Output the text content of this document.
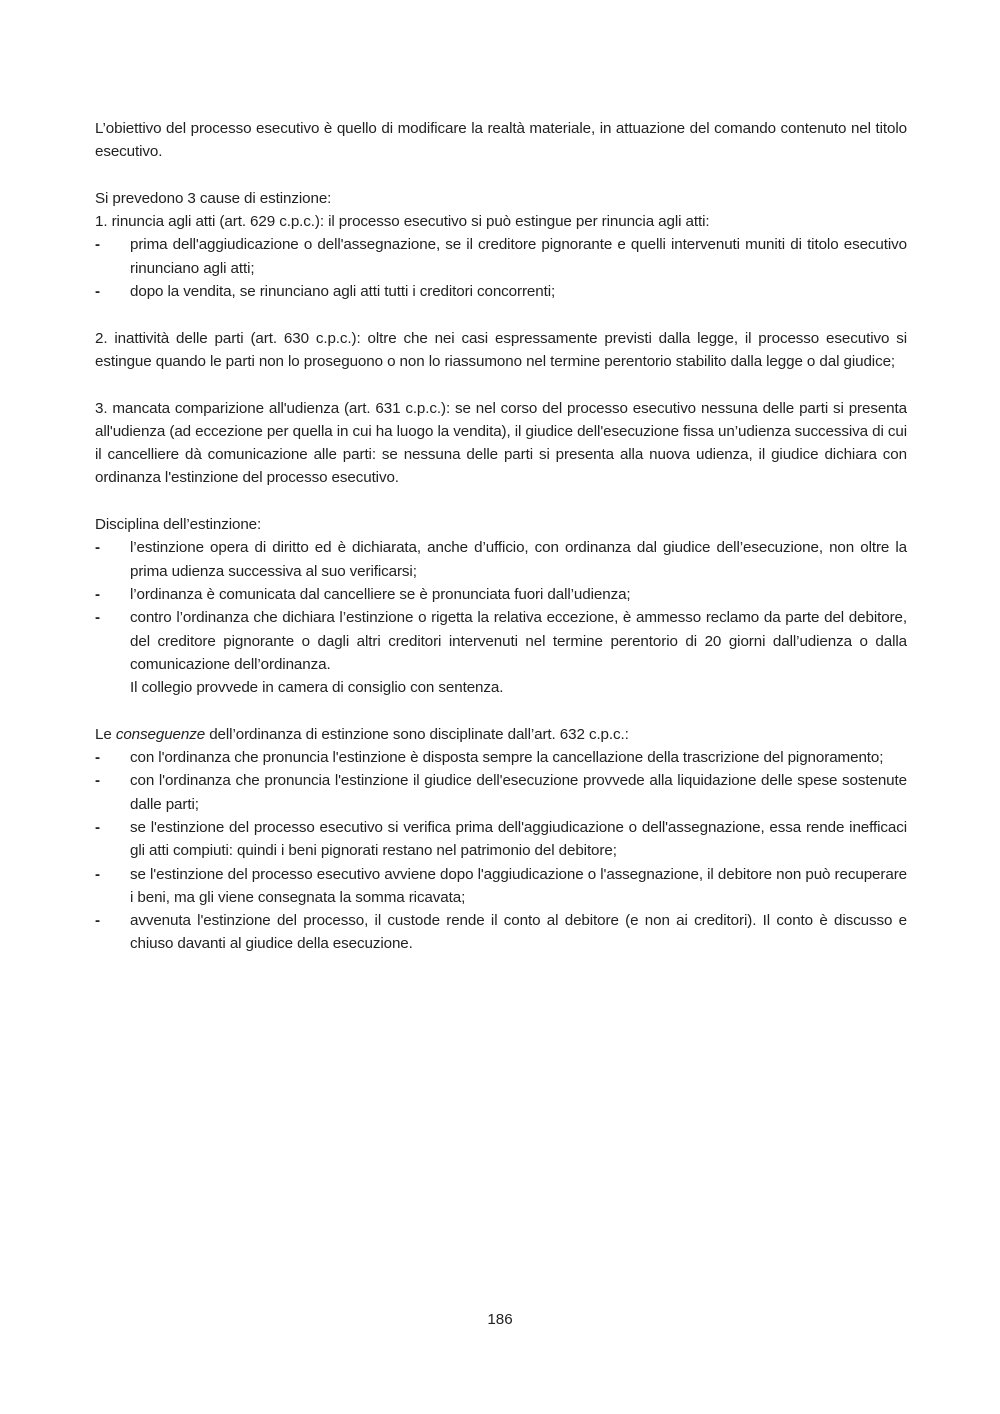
L’obiettivo del processo esecutivo è quello di modificare la realtà materiale, in attuazione del comando contenuto nel titolo esecutivo.

Si prevedono 3 cause di estinzione:

1. rinuncia agli atti (art. 629 c.p.c.): il processo esecutivo si può estingue per rinuncia agli atti:

- prima dell'aggiudicazione o dell'assegnazione, se il creditore pignorante e quelli intervenuti muniti di titolo esecutivo rinunciano agli atti;
- dopo la vendita, se rinunciano agli atti tutti i creditori concorrenti;

2. inattività delle parti (art. 630 c.p.c.): oltre che nei casi espressamente previsti dalla legge, il processo esecutivo si estingue quando le parti non lo proseguono o non lo riassumono nel termine perentorio stabilito dalla legge o dal giudice;

3. mancata comparizione all'udienza (art. 631 c.p.c.): se nel corso del processo esecutivo nessuna delle parti si presenta all'udienza (ad eccezione per quella in cui ha luogo la vendita), il giudice dell'esecuzione fissa un’udienza successiva di cui il cancelliere dà comunicazione alle parti: se nessuna delle parti si presenta alla nuova udienza, il giudice dichiara con ordinanza l'estinzione del processo esecutivo.

Disciplina dell’estinzione:

- l’estinzione opera di diritto ed è dichiarata, anche d’ufficio, con ordinanza dal giudice dell’esecuzione, non oltre la prima udienza successiva al suo verificarsi;
- l’ordinanza è comunicata dal cancelliere se è pronunciata fuori dall’udienza;
- contro l’ordinanza che dichiara l’estinzione o rigetta la relativa eccezione, è ammesso reclamo da parte del debitore, del creditore pignorante o dagli altri creditori intervenuti nel termine perentorio di 20 giorni dall’udienza o dalla comunicazione dell’ordinanza.

Il collegio provvede in camera di consiglio con sentenza.

Le conseguenze dell’ordinanza di estinzione sono disciplinate dall’art. 632 c.p.c.:

- con l'ordinanza che pronuncia l'estinzione è disposta sempre la cancellazione della trascrizione del pignoramento;
- con l'ordinanza che pronuncia l'estinzione il giudice dell'esecuzione provvede alla liquidazione delle spese sostenute dalle parti;
- se l'estinzione del processo esecutivo si verifica prima dell'aggiudicazione o dell'assegnazione, essa rende inefficaci gli atti compiuti: quindi i beni pignorati restano nel patrimonio del debitore;
- se l'estinzione del processo esecutivo avviene dopo l'aggiudicazione o l'assegnazione, il debitore non può recuperare i beni, ma gli viene consegnata la somma ricavata;
- avvenuta l'estinzione del processo, il custode rende il conto al debitore (e non ai creditori). Il conto è discusso e chiuso davanti al giudice della esecuzione.
186
